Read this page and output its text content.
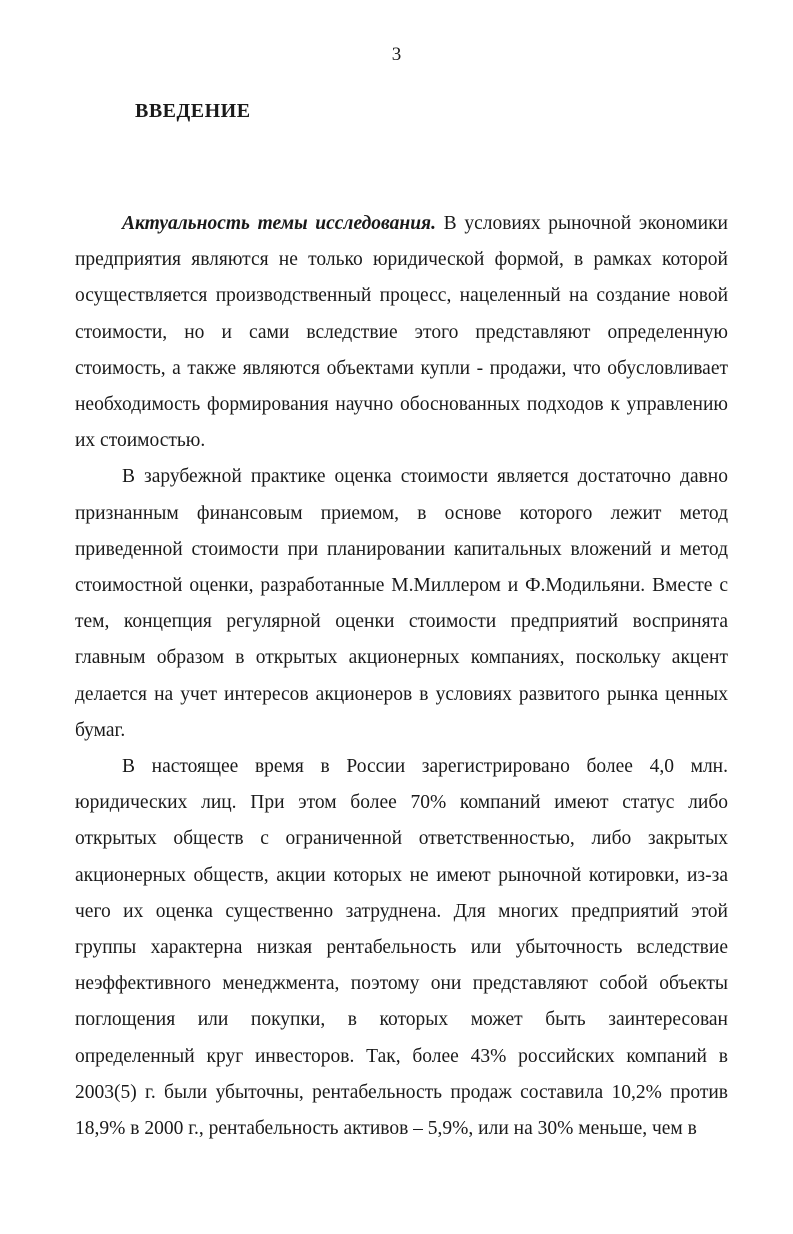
3
ВВЕДЕНИЕ

Актуальность темы исследования. В условиях рыночной экономики предприятия являются не только юридической формой, в рамках которой осуществляется производственный процесс, нацеленный на создание новой стоимости, но и сами вследствие этого представляют определенную стоимость, а также являются объектами купли - продажи, что обусловливает необходимость формирования научно обоснованных подходов к управлению их стоимостью.

В зарубежной практике оценка стоимости является достаточно давно признанным финансовым приемом, в основе которого лежит метод приведенной стоимости при планировании капитальных вложений и метод стоимостной оценки, разработанные М.Миллером и Ф.Модильяни. Вместе с тем, концепция регулярной оценки стоимости предприятий воспринята главным образом в открытых акционерных компаниях, поскольку акцент делается на учет интересов акционеров в условиях развитого рынка ценных бумаг.

В настоящее время в России зарегистрировано более 4,0 млн. юридических лиц. При этом более 70% компаний имеют статус либо открытых обществ с ограниченной ответственностью, либо закрытых акционерных обществ, акции которых не имеют рыночной котировки, из-за чего их оценка существенно затруднена. Для многих предприятий этой группы характерна низкая рентабельность или убыточность вследствие неэффективного менеджмента, поэтому они представляют собой объекты поглощения или покупки, в которых может быть заинтересован определенный круг инвесторов. Так, более 43% российских компаний в 2003(5) г. были убыточны, рентабельность продаж составила 10,2% против 18,9% в 2000 г., рентабельность активов – 5,9%, или на 30% меньше, чем в
